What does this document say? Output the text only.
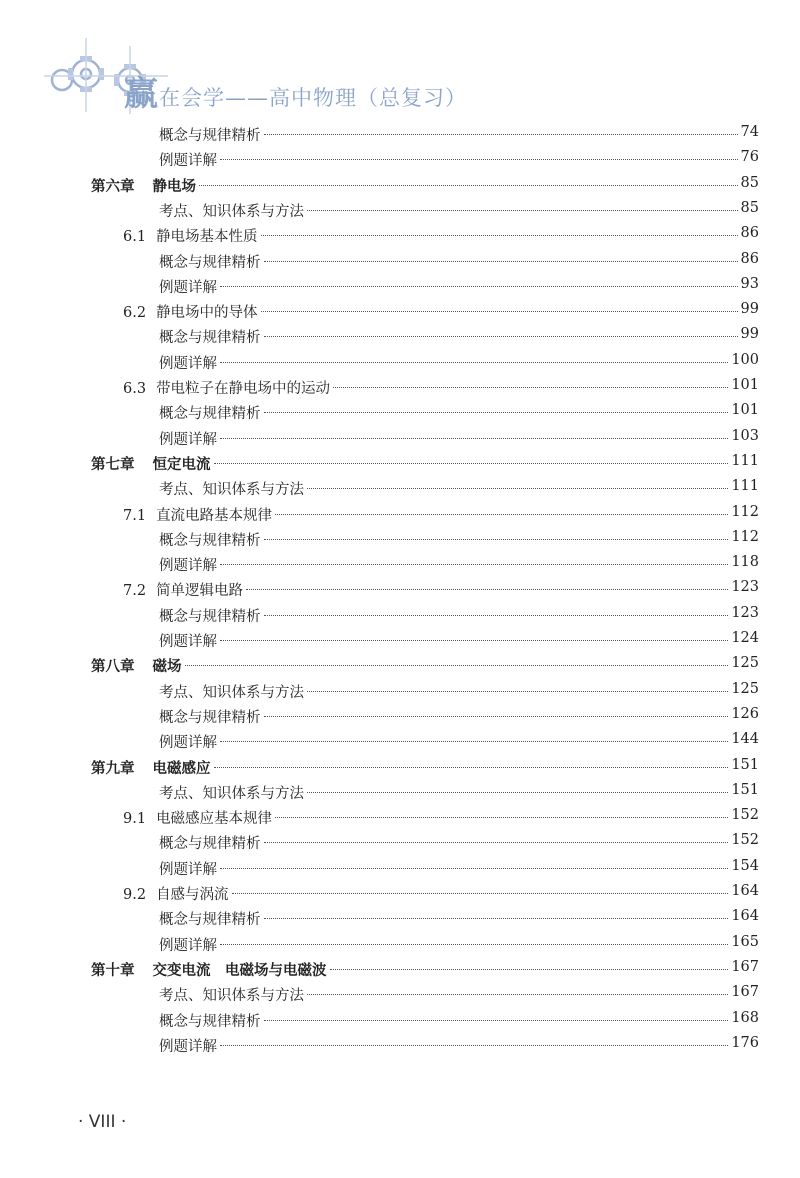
赢在会学——高中物理（总复习）
概念与规律精析	74
例题详解	76
第六章 静电场	85
考点、知识体系与方法	85
6.1 静电场基本性质	86
概念与规律精析	86
例题详解	93
6.2 静电场中的导体	99
概念与规律精析	99
例题详解	100
6.3 带电粒子在静电场中的运动	101
概念与规律精析	101
例题详解	103
第七章 恒定电流	111
考点、知识体系与方法	111
7.1 直流电路基本规律	112
概念与规律精析	112
例题详解	118
7.2 简单逻辑电路	123
概念与规律精析	123
例题详解	124
第八章 磁场	125
考点、知识体系与方法	125
概念与规律精析	126
例题详解	144
第九章 电磁感应	151
考点、知识体系与方法	151
9.1 电磁感应基本规律	152
概念与规律精析	152
例题详解	154
9.2 自感与涡流	164
概念与规律精析	164
例题详解	165
第十章 交变电流　电磁场与电磁波	167
考点、知识体系与方法	167
概念与规律精析	168
例题详解	176
· VIII ·
